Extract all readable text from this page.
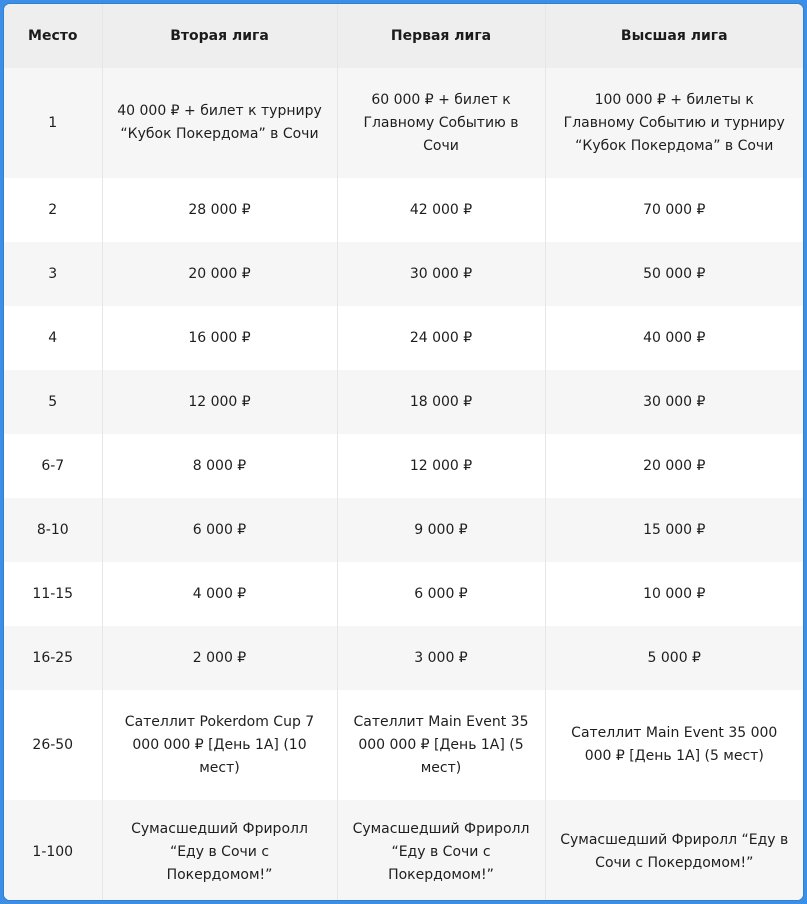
Место	Вторая лига	Первая лига	Высшая лига
1	40 000 ₽ + билет к турниру “Кубок Покердома” в Сочи	60 000 ₽ + билет к Главному Событию в Сочи	100 000 ₽ + билеты к Главному Событию и турниру “Кубок Покердома” в Сочи
2	28 000 ₽	42 000 ₽	70 000 ₽
3	20 000 ₽	30 000 ₽	50 000 ₽
4	16 000 ₽	24 000 ₽	40 000 ₽
5	12 000 ₽	18 000 ₽	30 000 ₽
6-7	8 000 ₽	12 000 ₽	20 000 ₽
8-10	6 000 ₽	9 000 ₽	15 000 ₽
11-15	4 000 ₽	6 000 ₽	10 000 ₽
16-25	2 000 ₽	3 000 ₽	5 000 ₽
26-50	Сателлит Pokerdom Cup 7 000 000 ₽ [День 1A] (10 мест)	Сателлит Main Event 35 000 000 ₽ [День 1A] (5 мест)	Сателлит Main Event 35 000 000 ₽ [День 1A] (5 мест)
1-100	Сумасшедший Фриролл “Еду в Сочи с Покердомом!”	Сумасшедший Фриролл “Еду в Сочи с Покердомом!”	Сумасшедший Фриролл “Еду в Сочи с Покердомом!”
